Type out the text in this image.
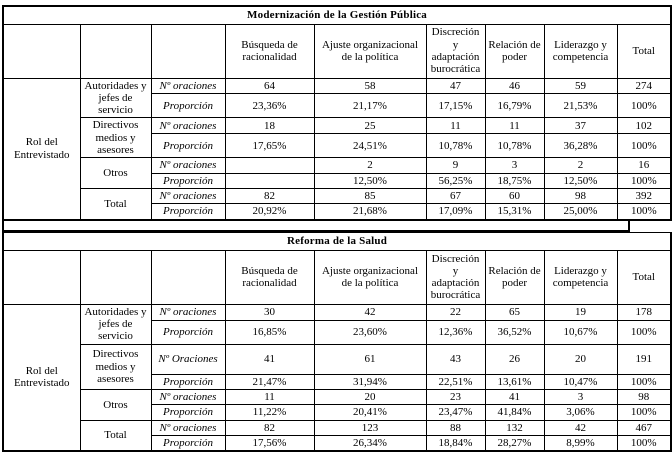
Modernización de la Gestión Pública								
			Búsqueda de racionalidad	Ajuste organizacional de la política	Discreción y adaptación burocrática	Relación de poder	Liderazgo y competencia	Total
Rol del Entrevistado	Autoridades y jefes de servicio	Nº oraciones	64	58	47	46	59	274
		Proporción	23,36%	21,17%	17,15%	16,79%	21,53%	100%
	Directivos medios y asesores	Nº oraciones	18	25	11	11	37	102
		Proporción	17,65%	24,51%	10,78%	10,78%	36,28%	100%
	Otros	Nº oraciones		2	9	3	2	16
		Proporción		12,50%	56,25%	18,75%	12,50%	100%
	Total	Nº oraciones	82	85	67	60	98	392
		Proporción	20,92%	21,68%	17,09%	15,31%	25,00%	100%
Reforma de la Salud								
			Búsqueda de racionalidad	Ajuste organizacional de la política	Discreción y adaptación burocrática	Relación de poder	Liderazgo y competencia	Total
Rol del Entrevistado	Autoridades y jefes de servicio	Nº oraciones	30	42	22	65	19	178
		Proporción	16,85%	23,60%	12,36%	36,52%	10,67%	100%
	Directivos medios y asesores	Nº Oraciones	41	61	43	26	20	191
		Proporción	21,47%	31,94%	22,51%	13,61%	10,47%	100%
	Otros	Nº oraciones	11	20	23	41	3	98
		Proporción	11,22%	20,41%	23,47%	41,84%	3,06%	100%
	Total	Nº oraciones	82	123	88	132	42	467
		Proporción	17,56%	26,34%	18,84%	28,27%	8,99%	100%
